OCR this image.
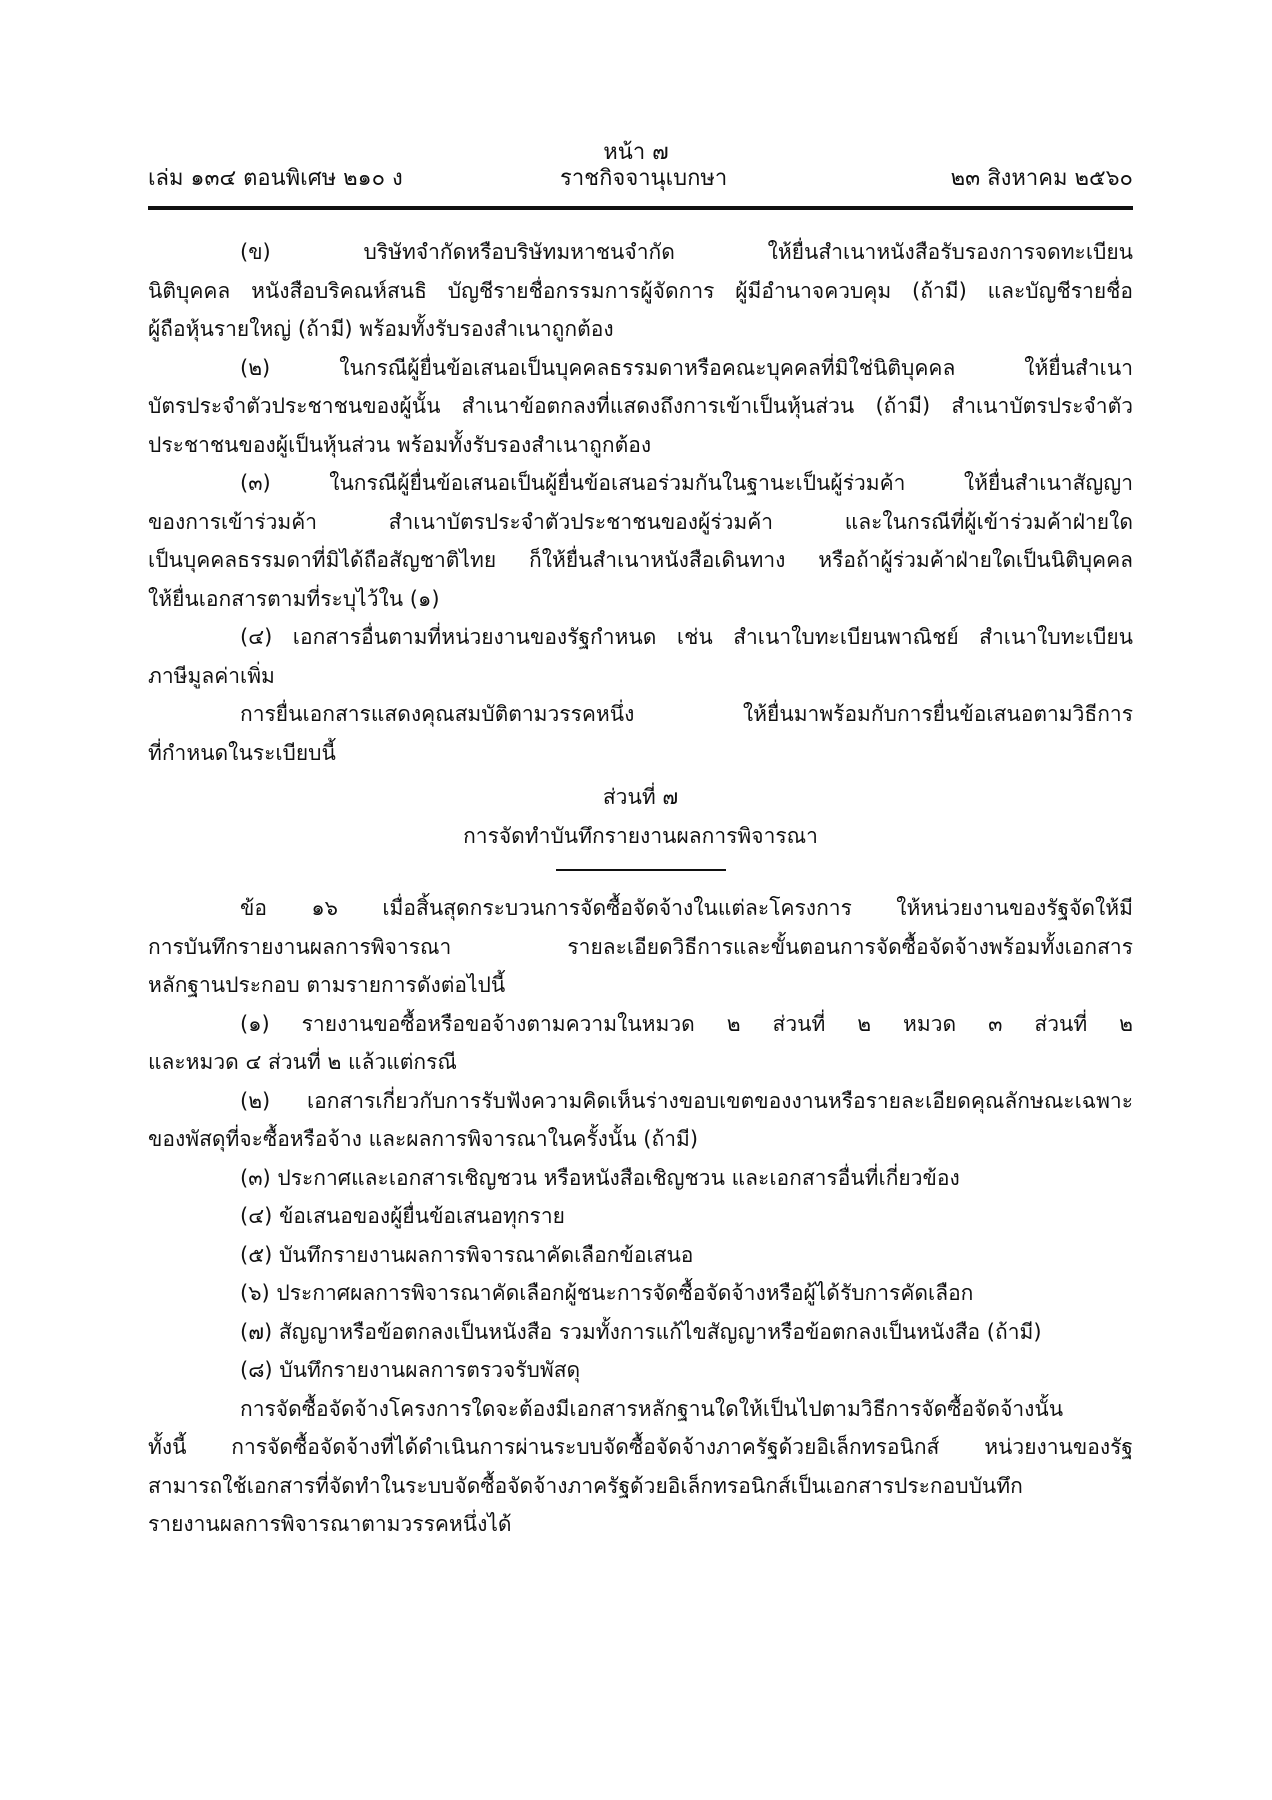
หน้า ๗
เล่ม ๑๓๔ ตอนพิเศษ ๒๑๐ ง	ราชกิจจานุเบกษา	๒๓ สิงหาคม ๒๕๖๐
(ข) บริษัทจำกัดหรือบริษัทมหาชนจำกัด ให้ยื่นสำเนาหนังสือรับรองการจดทะเบียน
นิติบุคคล หนังสือบริคณห์สนธิ บัญชีรายชื่อกรรมการผู้จัดการ ผู้มีอำนาจควบคุม (ถ้ามี) และบัญชีรายชื่อ
ผู้ถือหุ้นรายใหญ่ (ถ้ามี) พร้อมทั้งรับรองสำเนาถูกต้อง
(๒) ในกรณีผู้ยื่นข้อเสนอเป็นบุคคลธรรมดาหรือคณะบุคคลที่มิใช่นิติบุคคล ให้ยื่นสำเนา
บัตรประจำตัวประชาชนของผู้นั้น สำเนาข้อตกลงที่แสดงถึงการเข้าเป็นหุ้นส่วน (ถ้ามี) สำเนาบัตรประจำตัว
ประชาชนของผู้เป็นหุ้นส่วน พร้อมทั้งรับรองสำเนาถูกต้อง
(๓) ในกรณีผู้ยื่นข้อเสนอเป็นผู้ยื่นข้อเสนอร่วมกันในฐานะเป็นผู้ร่วมค้า ให้ยื่นสำเนาสัญญา
ของการเข้าร่วมค้า สำเนาบัตรประจำตัวประชาชนของผู้ร่วมค้า และในกรณีที่ผู้เข้าร่วมค้าฝ่ายใด
เป็นบุคคลธรรมดาที่มิได้ถือสัญชาติไทย ก็ให้ยื่นสำเนาหนังสือเดินทาง หรือถ้าผู้ร่วมค้าฝ่ายใดเป็นนิติบุคคล
ให้ยื่นเอกสารตามที่ระบุไว้ใน (๑)
(๔) เอกสารอื่นตามที่หน่วยงานของรัฐกำหนด เช่น สำเนาใบทะเบียนพาณิชย์ สำเนาใบทะเบียน
ภาษีมูลค่าเพิ่ม
การยื่นเอกสารแสดงคุณสมบัติตามวรรคหนึ่ง ให้ยื่นมาพร้อมกับการยื่นข้อเสนอตามวิธีการ
ที่กำหนดในระเบียบนี้
ส่วนที่ ๗
การจัดทำบันทึกรายงานผลการพิจารณา
ข้อ ๑๖ เมื่อสิ้นสุดกระบวนการจัดซื้อจัดจ้างในแต่ละโครงการ ให้หน่วยงานของรัฐจัดให้มี
การบันทึกรายงานผลการพิจารณา รายละเอียดวิธีการและขั้นตอนการจัดซื้อจัดจ้างพร้อมทั้งเอกสาร
หลักฐานประกอบ ตามรายการดังต่อไปนี้
(๑) รายงานขอซื้อหรือขอจ้างตามความในหมวด ๒ ส่วนที่ ๒ หมวด ๓ ส่วนที่ ๒
และหมวด ๔ ส่วนที่ ๒ แล้วแต่กรณี
(๒) เอกสารเกี่ยวกับการรับฟังความคิดเห็นร่างขอบเขตของงานหรือรายละเอียดคุณลักษณะเฉพาะ
ของพัสดุที่จะซื้อหรือจ้าง และผลการพิจารณาในครั้งนั้น (ถ้ามี)
(๓) ประกาศและเอกสารเชิญชวน หรือหนังสือเชิญชวน และเอกสารอื่นที่เกี่ยวข้อง
(๔) ข้อเสนอของผู้ยื่นข้อเสนอทุกราย
(๕) บันทึกรายงานผลการพิจารณาคัดเลือกข้อเสนอ
(๖) ประกาศผลการพิจารณาคัดเลือกผู้ชนะการจัดซื้อจัดจ้างหรือผู้ได้รับการคัดเลือก
(๗) สัญญาหรือข้อตกลงเป็นหนังสือ รวมทั้งการแก้ไขสัญญาหรือข้อตกลงเป็นหนังสือ (ถ้ามี)
(๘) บันทึกรายงานผลการตรวจรับพัสดุ
การจัดซื้อจัดจ้างโครงการใดจะต้องมีเอกสารหลักฐานใดให้เป็นไปตามวิธีการจัดซื้อจัดจ้างนั้น
ทั้งนี้ การจัดซื้อจัดจ้างที่ได้ดำเนินการผ่านระบบจัดซื้อจัดจ้างภาครัฐด้วยอิเล็กทรอนิกส์ หน่วยงานของรัฐ
สามารถใช้เอกสารที่จัดทำในระบบจัดซื้อจัดจ้างภาครัฐด้วยอิเล็กทรอนิกส์เป็นเอกสารประกอบบันทึก
รายงานผลการพิจารณาตามวรรคหนึ่งได้
